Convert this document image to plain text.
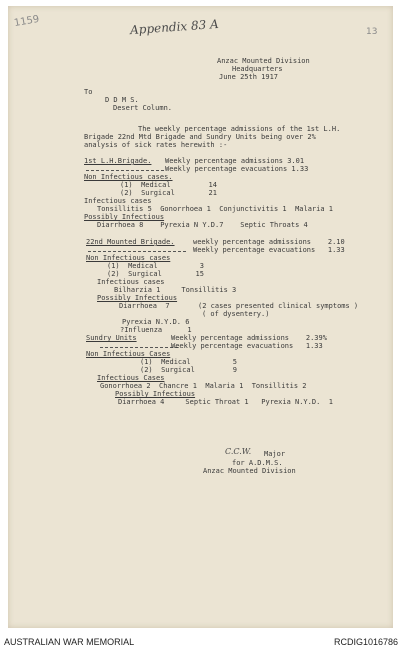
1159	Appendix 83 A	13
Anzac Mounted Division
Headquarters
June 25th 1917
To
D D M S.
Desert Column.
The weekly percentage admissions of the 1st L.H.
Brigade 22nd Mtd Brigade and Sundry Units being over 2%
analysis of sick rates herewith :-
1st L.H.Brigade. Weekly percentage admissions 3.01
Weekly percentage evacuations 1.33
Non Infectious cases.
(1)  Medical         14
(2)  Surgical        21
Infectious cases
Tonsillitis 5  Gonorrhoea 1  Conjunctivitis 1  Malaria 1
Possibly Infectious
Diarrhoea 8    Pyrexia N Y.D.7    Septic Throats 4
22nd Mounted Brigade.	weekly percentage admissions    2.10
Weekly percentage evacuations   1.33
Non Infectious cases
(1)  Medical          3
(2)  Surgical        15
Infectious cases
Bilharzia 1     Tonsillitis 3
Possibly Infectious
Diarrhoea  7	(2 cases presented clinical symptoms )
( of dysentery.)
Pyrexia N.Y.D. 6
?Influenza      1
Sundry Units	Weekly percentage admissions    2.39%
Weekly percentage evacuations   1.33
Non Infectious Cases
(1)  Medical          5
(2)  Surgical         9
Infectious Cases
Gonorrhoea 2  Chancre 1  Malaria 1  Tonsillitis 2
Possibly Infectious
Diarrhoea 4     Septic Throat 1   Pyrexia N.Y.D.  1
C.C.W. Major
for A.D.M.S.
Anzac Mounted Division
AUSTRALIAN WAR MEMORIAL	RCDIG1016786
